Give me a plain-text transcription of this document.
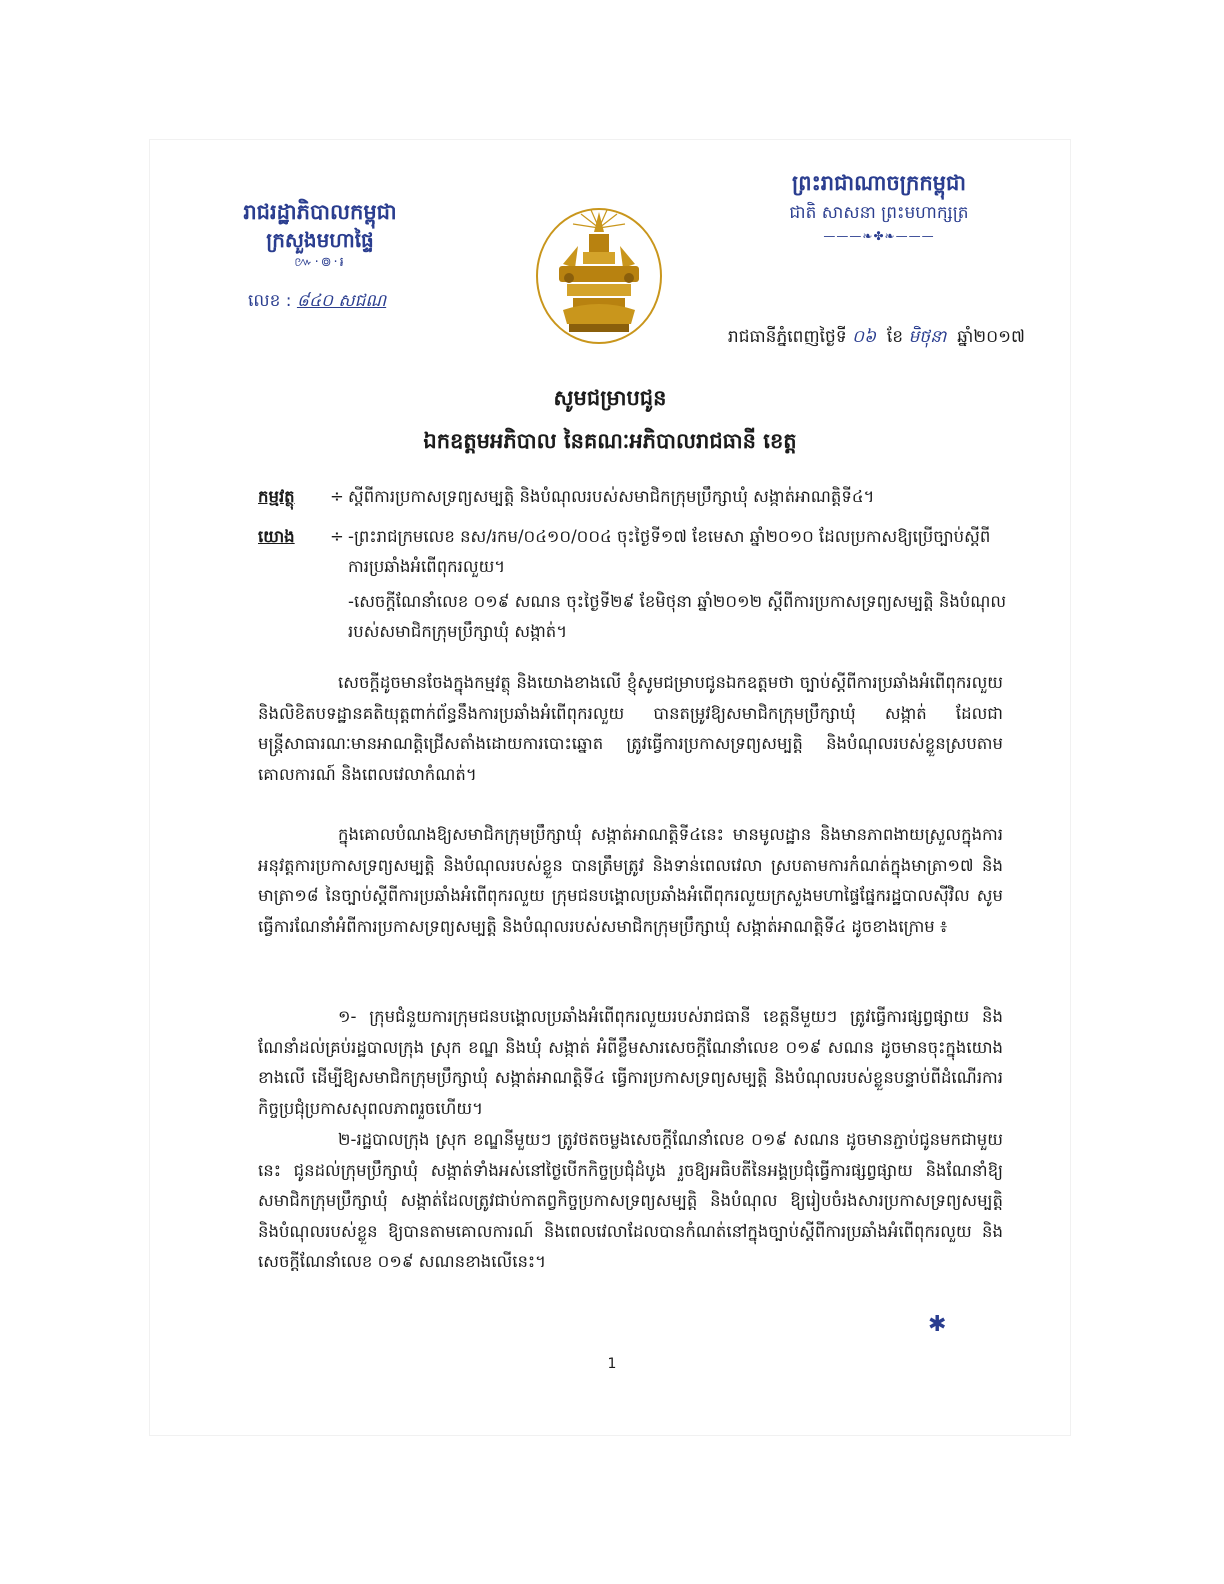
រាជរដ្ឋាភិបាលកម្ពុជា
ក្រសួងមហាផ្ទៃ
៚·៙·៛
លេខ : ៨៤០ សជណ
ព្រះរាជាណាចក្រកម្ពុជា
ជាតិ សាសនា ព្រះមហាក្សត្រ
———❧✤❧———
រាជធានីភ្នំពេញថ្ងៃទី ០៦ ខែ មិថុនា ឆ្នាំ២០១៧
សូមជម្រាបជូន
ឯកឧត្តមអភិបាល នៃគណៈអភិបាលរាជធានី ខេត្ត
កម្មវត្ថុ	÷ ស្តីពីការប្រកាសទ្រព្យសម្បត្តិ និងបំណុលរបស់សមាជិកក្រុមប្រឹក្សាឃុំ សង្កាត់អាណត្តិទី៤។
យោង	÷ -ព្រះរាជក្រមលេខ នស/រកម/០៤១០/០០៤ ចុះថ្ងៃទី១៧ ខែមេសា ឆ្នាំ២០១០ ដែលប្រកាសឱ្យប្រើច្បាប់ស្តីពីការប្រឆាំងអំពើពុករលួយ។
-សេចក្តីណែនាំលេខ ០១៩ សណន ចុះថ្ងៃទី២៩ ខែមិថុនា ឆ្នាំ២០១២ ស្តីពីការប្រកាសទ្រព្យសម្បត្តិ និងបំណុលរបស់សមាជិកក្រុមប្រឹក្សាឃុំ សង្កាត់។
សេចក្តីដូចមានចែងក្នុងកម្មវត្ថុ និងយោងខាងលើ ខ្ញុំសូមជម្រាបជូនឯកឧត្តមថា ច្បាប់ស្តីពីការប្រឆាំងអំពើពុករលួយ និងលិខិតបទដ្ឋានគតិយុត្តពាក់ព័ន្ធនឹងការប្រឆាំងអំពើពុករលួយ បានតម្រូវឱ្យសមាជិកក្រុមប្រឹក្សាឃុំ សង្កាត់ ដែលជាមន្ត្រីសាធារណៈមានអាណត្តិជ្រើសតាំងដោយការបោះឆ្នោត ត្រូវធ្វើការប្រកាសទ្រព្យសម្បត្តិ និងបំណុលរបស់ខ្លួនស្របតាមគោលការណ៍ និងពេលវេលាកំណត់។
ក្នុងគោលបំណងឱ្យសមាជិកក្រុមប្រឹក្សាឃុំ សង្កាត់អាណត្តិទី៤នេះ មានមូលដ្ឋាន និងមានភាពងាយស្រួលក្នុងការអនុវត្តការប្រកាសទ្រព្យសម្បត្តិ និងបំណុលរបស់ខ្លួន បានត្រឹមត្រូវ និងទាន់ពេលវេលា ស្របតាមការកំណត់ក្នុងមាត្រា១៧ និងមាត្រា១៨ នៃច្បាប់ស្តីពីការប្រឆាំងអំពើពុករលួយ ក្រុមជនបង្គោលប្រឆាំងអំពើពុករលួយក្រសួងមហាផ្ទៃផ្នែករដ្ឋបាលស៊ីវិល សូមធ្វើការណែនាំអំពីការប្រកាសទ្រព្យសម្បត្តិ និងបំណុលរបស់សមាជិកក្រុមប្រឹក្សាឃុំ សង្កាត់អាណត្តិទី៤ ដូចខាងក្រោម ៖
១- ក្រុមជំនួយការក្រុមជនបង្គោលប្រឆាំងអំពើពុករលួយរបស់រាជធានី ខេត្តនីមួយៗ ត្រូវធ្វើការផ្សព្វផ្សាយ និងណែនាំដល់គ្រប់រដ្ឋបាលក្រុង ស្រុក ខណ្ឌ និងឃុំ សង្កាត់ អំពីខ្លឹមសារសេចក្តីណែនាំលេខ ០១៩ សណន ដូចមានចុះក្នុងយោងខាងលើ ដើម្បីឱ្យសមាជិកក្រុមប្រឹក្សាឃុំ សង្កាត់អាណត្តិទី៤ ធ្វើការប្រកាសទ្រព្យសម្បត្តិ និងបំណុលរបស់ខ្លួនបន្ទាប់ពីដំណើរការកិច្ចប្រជុំប្រកាសសុពលភាពរួចហើយ។
២-រដ្ឋបាលក្រុង ស្រុក ខណ្ឌនីមួយៗ ត្រូវថតចម្លងសេចក្តីណែនាំលេខ ០១៩ សណន ដូចមានភ្ជាប់ជូនមកជាមួយនេះ ជូនដល់ក្រុមប្រឹក្សាឃុំ សង្កាត់ទាំងអស់នៅថ្ងៃបើកកិច្ចប្រជុំដំបូង រួចឱ្យអធិបតីនៃអង្គប្រជុំធ្វើការផ្សព្វផ្សាយ និងណែនាំឱ្យសមាជិកក្រុមប្រឹក្សាឃុំ សង្កាត់ដែលត្រូវជាប់កាតព្វកិច្ចប្រកាសទ្រព្យសម្បត្តិ និងបំណុល ឱ្យរៀបចំរងសារប្រកាសទ្រព្យសម្បត្តិ និងបំណុលរបស់ខ្លួន ឱ្យបានតាមគោលការណ៍ និងពេលវេលាដែលបានកំណត់នៅក្នុងច្បាប់ស្តីពីការប្រឆាំងអំពើពុករលួយ និងសេចក្តីណែនាំលេខ ០១៩ សណនខាងលើនេះ។
✱
1
